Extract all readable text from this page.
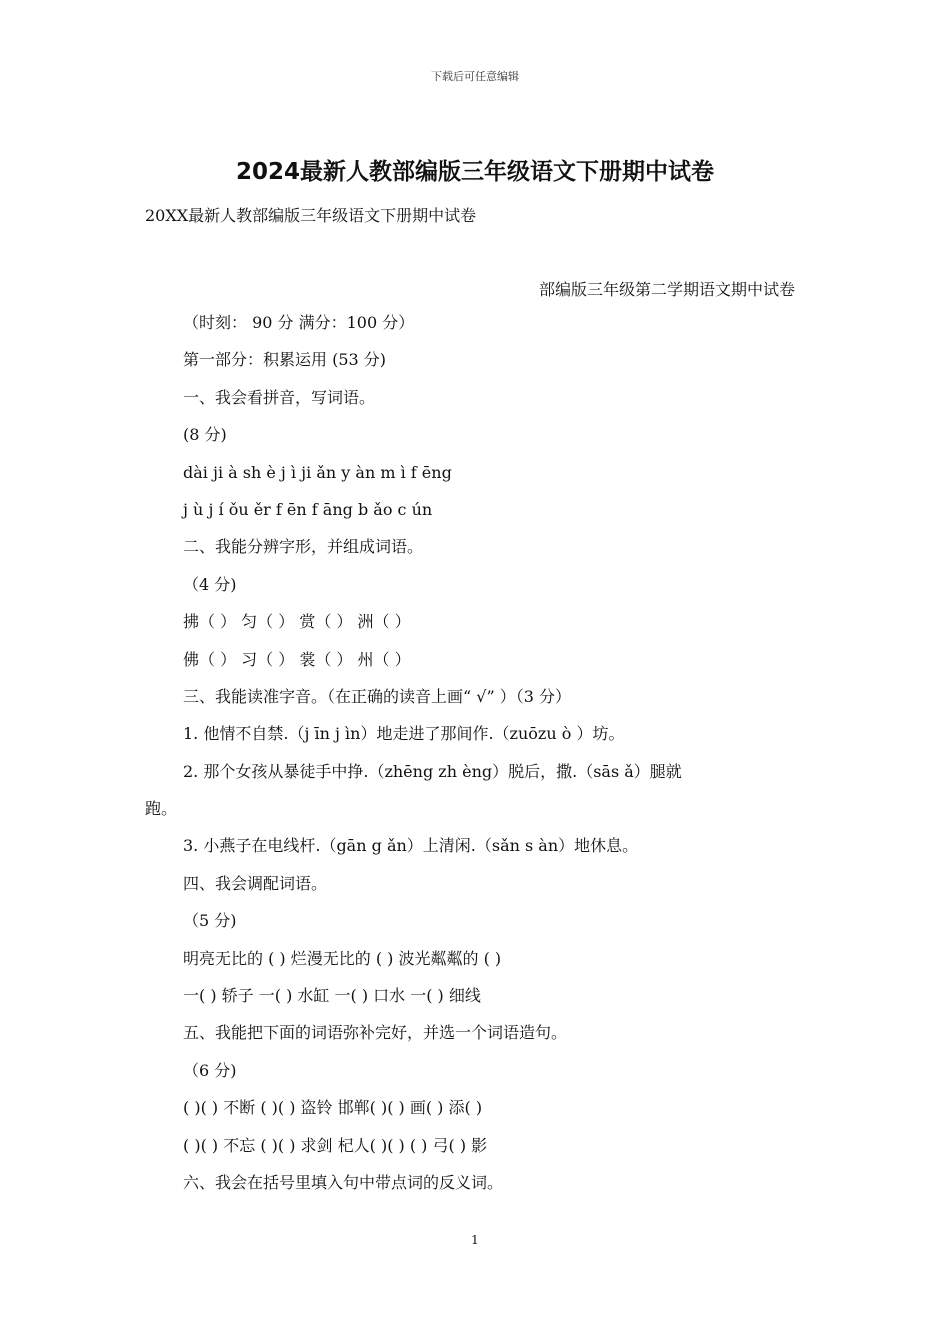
下载后可任意编辑
2024最新人教部编版三年级语文下册期中试卷
20XX最新人教部编版三年级语文下册期中试卷
部编版三年级第二学期语文期中试卷
（时刻： 90 分 满分：100 分）
第一部分：积累运用 (53 分)
一、我会看拼音，写词语。
(8 分)
dài ji à sh è j ì ji ǎn y àn m ì f ēng
j ù j í ǒu ěr f ēn f āng b ǎo c ún
二、我能分辨字形，并组成词语。
（4 分)
拂（ ） 匀（ ） 赏（ ） 洲（ ）
佛（ ） 习（ ） 裳（ ） 州（ ）
三、我能读准字音。（在正确的读音上画“ √” ）（3 分）
1. 他情不自禁.（j īn j ìn）地走进了那间作.（zuōzu ò ）坊。
2. 那个女孩从暴徒手中挣.（zhēng zh èng）脱后，撒.（sās ǎ）腿就
跑。
3. 小燕子在电线杆.（gān g ǎn）上清闲.（sǎn s àn）地休息。
四、我会调配词语。
（5 分)
明亮无比的 ( ) 烂漫无比的 ( ) 波光粼粼的 ( )
一( ) 轿子 一( ) 水缸 一( ) 口水 一( ) 细线
五、我能把下面的词语弥补完好，并选一个词语造句。
（6 分)
( )( ) 不断 ( )( ) 盗铃 邯郸( )( ) 画( ) 添( )
( )( ) 不忘 ( )( ) 求剑 杞人( )( ) ( ) 弓( ) 影
六、我会在括号里填入句中带点词的反义词。
1
